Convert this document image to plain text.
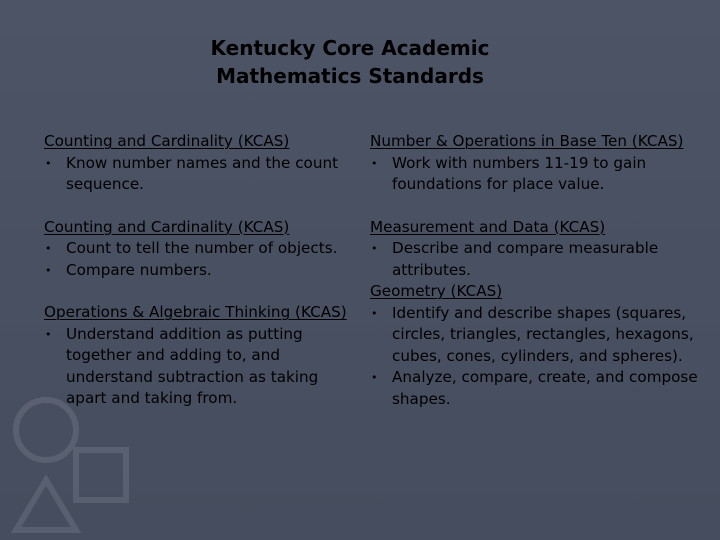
Kentucky Core Academic
Mathematics Standards
Counting and Cardinality (KCAS)
• Know number names and the count sequence.
Counting and Cardinality (KCAS)
• Count to tell the number of objects.
• Compare numbers.
Operations & Algebraic Thinking (KCAS)
• Understand addition as putting together and adding to, and understand subtraction as taking apart and taking from.
Number & Operations in Base Ten (KCAS)
• Work with numbers 11-19 to gain foundations for place value.
Measurement and Data (KCAS)
• Describe and compare measurable attributes.
Geometry (KCAS)
• Identify and describe shapes (squares, circles, triangles, rectangles, hexagons, cubes, cones, cylinders, and spheres).
• Analyze, compare, create, and compose shapes.
